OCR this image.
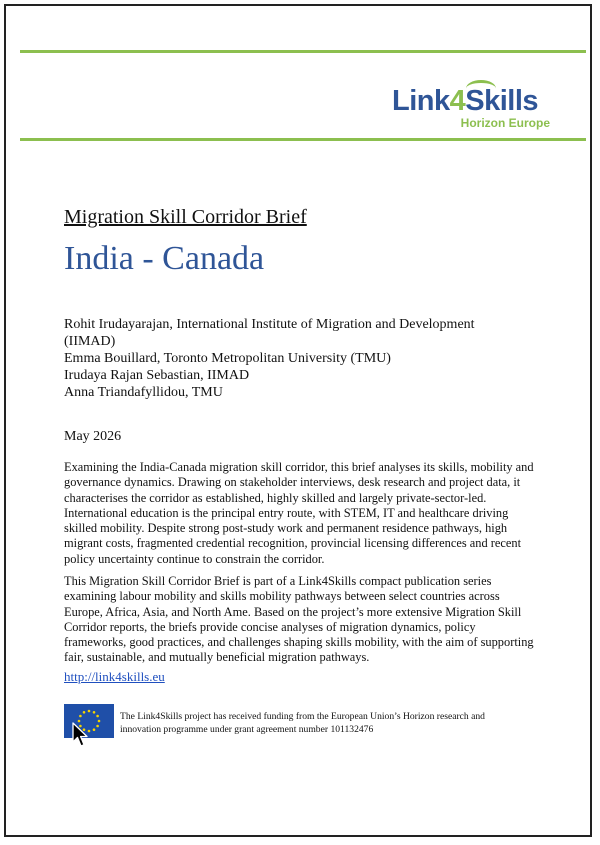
Link4Skills
Horizon Europe
Migration Skill Corridor Brief
India - Canada
Rohit Irudayarajan, International Institute of Migration and Development (IIMAD)
Emma Bouillard, Toronto Metropolitan University (TMU)
Irudaya Rajan Sebastian, IIMAD
Anna Triandafyllidou, TMU
May 2026
Examining the India-Canada migration skill corridor, this brief analyses its skills, mobility and governance dynamics. Drawing on stakeholder interviews, desk research and project data, it characterises the corridor as established, highly skilled and largely private-sector-led. International education is the principal entry route, with STEM, IT and healthcare driving skilled mobility. Despite strong post-study work and permanent residence pathways, high migrant costs, fragmented credential recognition, provincial licensing differences and recent policy uncertainty continue to constrain the corridor.
This Migration Skill Corridor Brief is part of a Link4Skills compact publication series examining labour mobility and skills mobility pathways between select countries across Europe, Africa, Asia, and North Ame. Based on the project’s more extensive Migration Skill Corridor reports, the briefs provide concise analyses of migration dynamics, policy frameworks, good practices, and challenges shaping skills mobility, with the aim of supporting fair, sustainable, and mutually beneficial migration pathways.
http://link4skills.eu
The Link4Skills project has received funding from the European Union’s Horizon research and innovation programme under grant agreement number 101132476
